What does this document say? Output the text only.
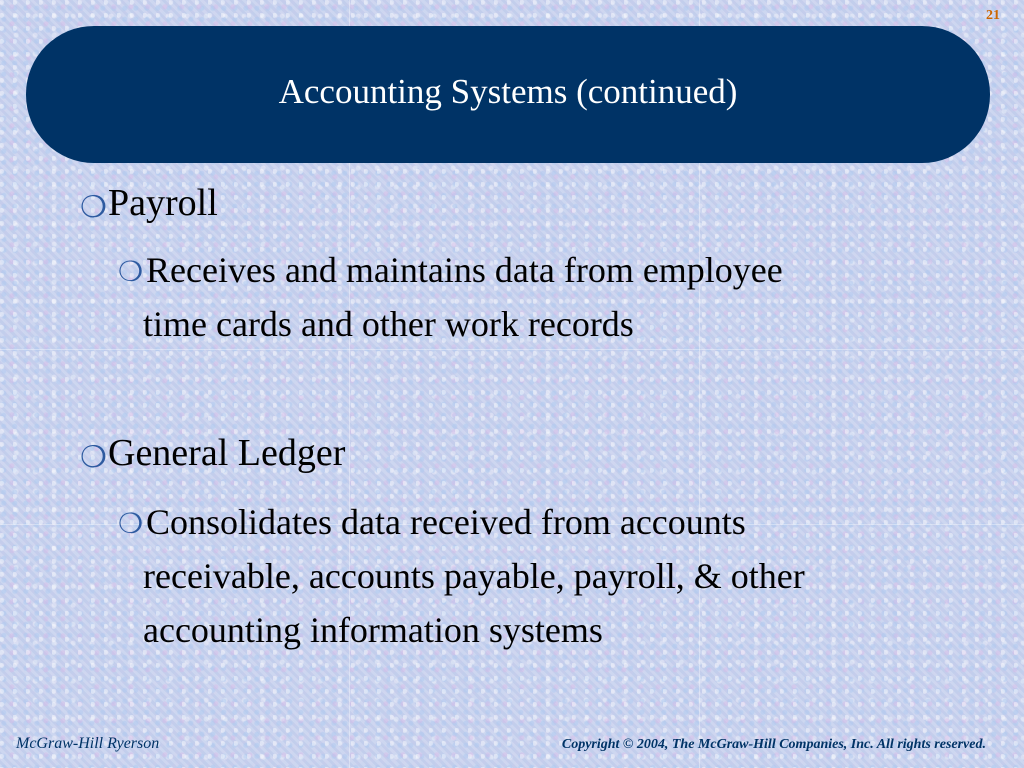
21
Accounting Systems (continued)
❍ Payroll
❍ Receives and maintains data from employee
time cards and other work records
❍ General Ledger
❍ Consolidates data received from accounts
receivable, accounts payable, payroll, & other
accounting information systems
McGraw-Hill Ryerson	Copyright © 2004, The McGraw-Hill Companies, Inc. All rights reserved.
